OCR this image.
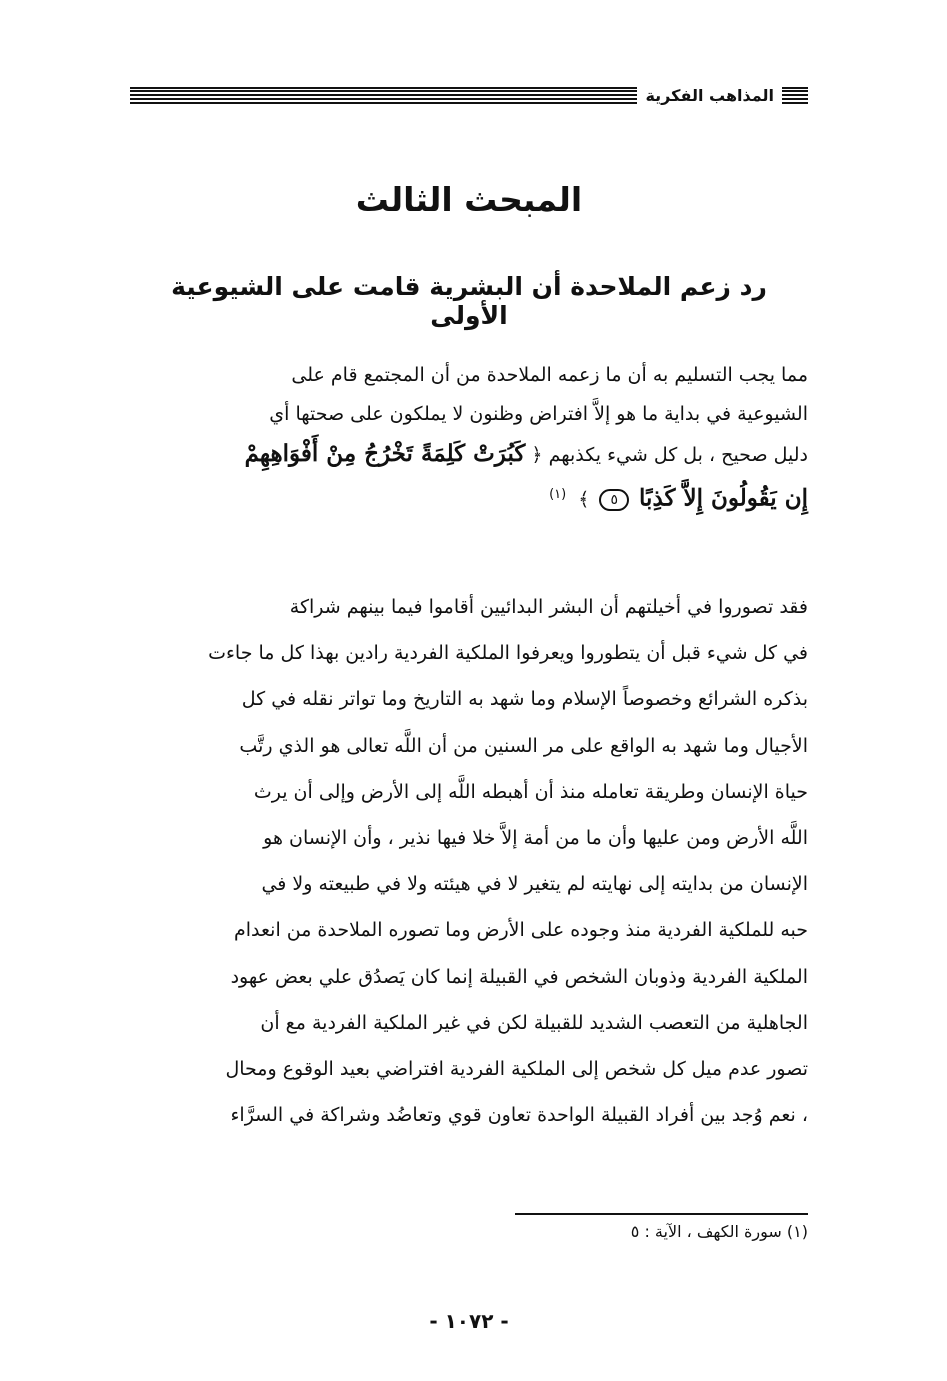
المذاهب الفكرية
المبحث الثالث
رد زعم الملاحدة أن البشرية قامت على الشيوعية الأولى
مما يجب التسليم به أن ما زعمه الملاحدة من أن المجتمع قام على
الشيوعية في بداية ما هو إلاَّ افتراض وظنون لا يملكون على صحتها أي
دليل صحيح ، بل كل شيء يكذبهم ﴿ كَبُرَتْ كَلِمَةً تَخْرُجُ مِنْ أَفْوَاهِهِمْ
إِن يَقُولُونَ إِلاَّ كَذِبًا ٥ ﴾ $^{(١)}$
فقد تصوروا في أخيلتهم أن البشر البدائيين أقاموا فيما بينهم شراكة
في كل شيء قبل أن يتطوروا ويعرفوا الملكية الفردية رادين بهذا كل ما جاءت
بذكره الشرائع وخصوصاً الإسلام وما شهد به التاريخ وما تواتر نقله في كل
الأجيال وما شهد به الواقع على مر السنين من أن اللَّه تعالى هو الذي رتَّب
حياة الإنسان وطريقة تعامله منذ أن أهبطه اللَّه إلى الأرض وإلى أن يرث
اللَّه الأرض ومن عليها وأن ما من أمة إلاَّ خلا فيها نذير ، وأن الإنسان هو
الإنسان من بدايته إلى نهايته لم يتغير لا في هيئته ولا في طبيعته ولا في
حبه للملكية الفردية منذ وجوده على الأرض وما تصوره الملاحدة من انعدام
الملكية الفردية وذوبان الشخص في القبيلة إنما كان يَصدُق علي بعض عهود
الجاهلية من التعصب الشديد للقبيلة لكن في غير الملكية الفردية مع أن
تصور عدم ميل كل شخص إلى الملكية الفردية افتراضي بعيد الوقوع ومحال
، نعم وُجد بين أفراد القبيلة الواحدة تعاون قوي وتعاضُد وشراكة في السرَّاء

(١) سورة الكهف ، الآية : ٥

- ١٠٧٢ -
